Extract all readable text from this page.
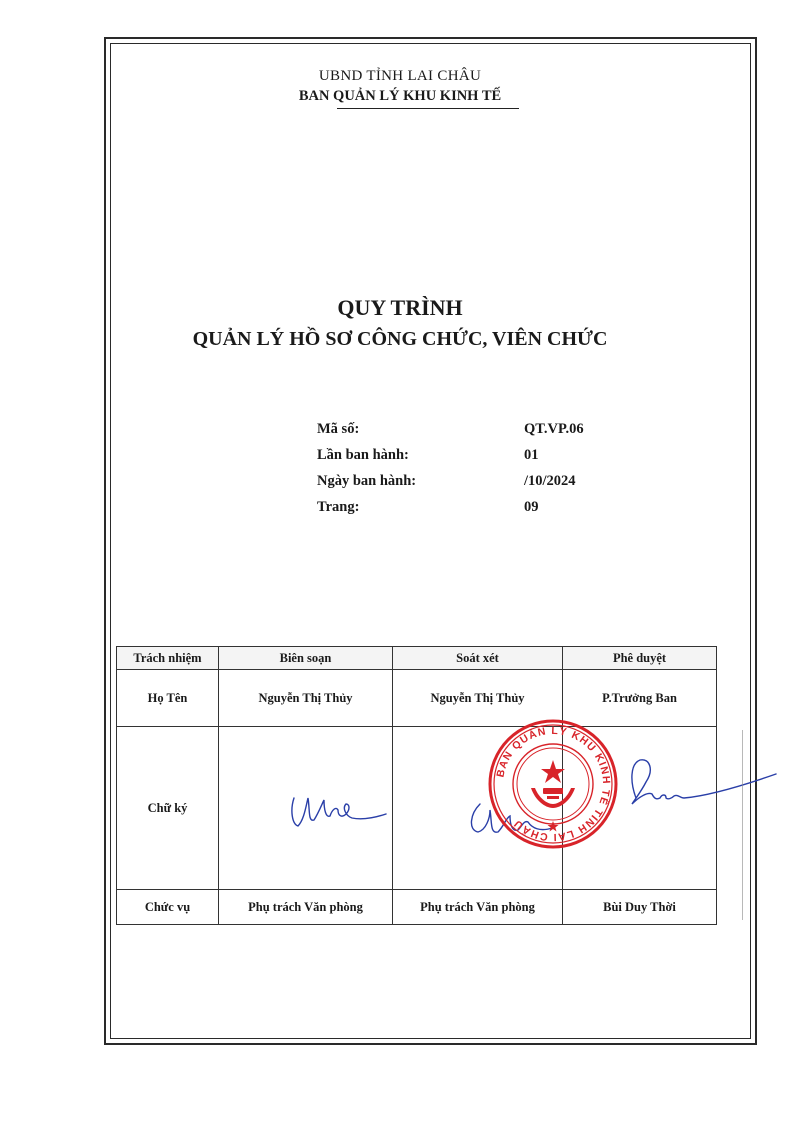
UBND TỈNH LAI CHÂU
BAN QUẢN LÝ KHU KINH TẾ
QUY TRÌNH
QUẢN LÝ HỒ SƠ CÔNG CHỨC, VIÊN CHỨC
Mã số:	QT.VP.06
Lần ban hành:	01
Ngày ban hành:	/10/2024
Trang:	09
Trách nhiệm	Biên soạn	Soát xét	Phê duyệt
Họ Tên	Nguyễn Thị Thủy	Nguyễn Thị Thủy	P.Trưởng Ban
Chữ ký			
Chức vụ	Phụ trách Văn phòng	Phụ trách Văn phòng	Bùi Duy Thời
BAN QUẢN LÝ KHU KINH TẾ TỈNH LAI CHÂU
